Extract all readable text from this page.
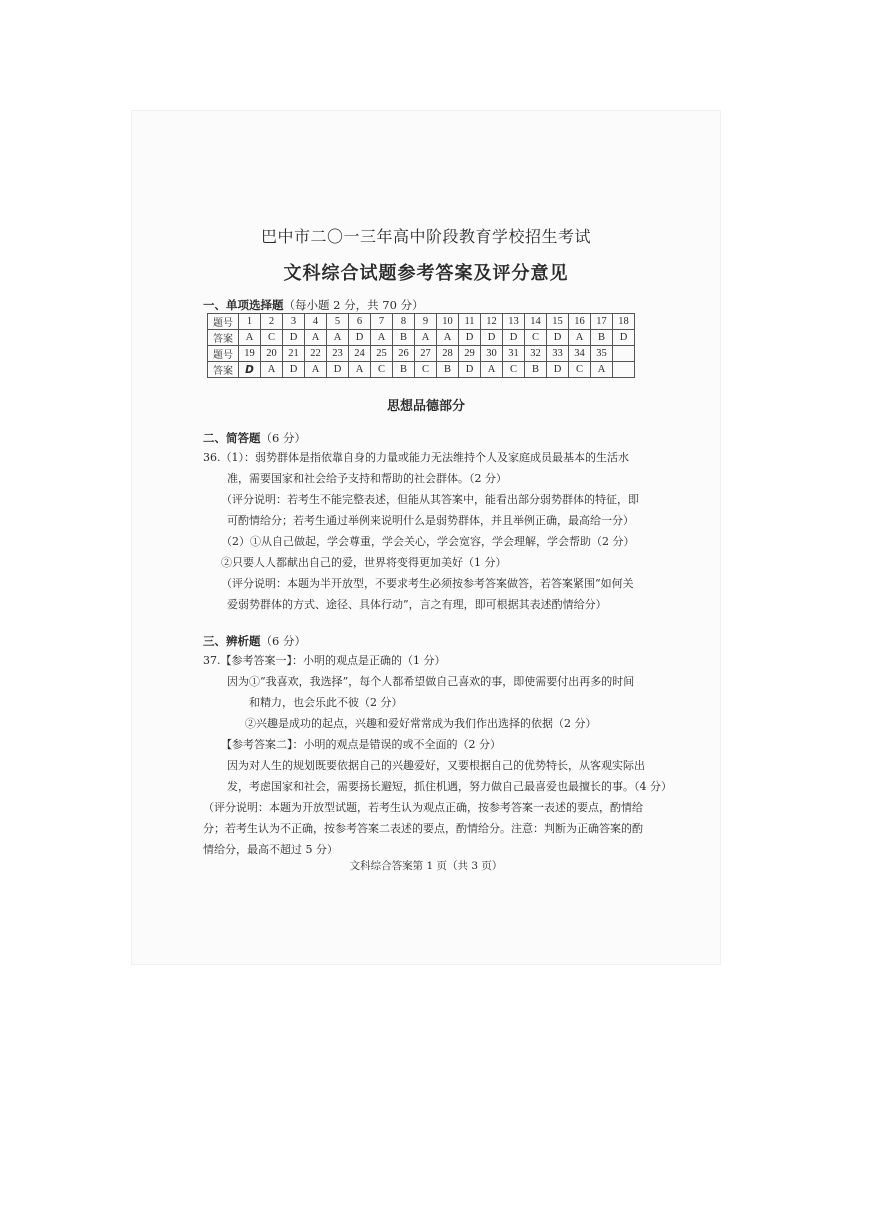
巴中市二〇一三年高中阶段教育学校招生考试
文科综合试题参考答案及评分意见
一、单项选择题（每小题 2 分，共 70 分）
题号	1	2	3	4	5	6	7	8	9	10	11	12	13	14	15	16	17	18
答案	A	C	D	A	A	D	A	B	A	A	D	D	D	C	D	A	B	D
题号	19	20	21	22	23	24	25	26	27	28	29	30	31	32	33	34	35	
答案	D	A	D	A	D	A	C	B	C	B	D	A	C	B	D	C	A	
思想品德部分
二、简答题（6 分）
36.（1）：弱势群体是指依靠自身的力量或能力无法维持个人及家庭成员最基本的生活水
准，需要国家和社会给予支持和帮助的社会群体。（2 分）
（评分说明：若考生不能完整表述，但能从其答案中，能看出部分弱势群体的特征，即
可酌情给分；若考生通过举例来说明什么是弱势群体，并且举例正确，最高给一分）
（2）①从自己做起，学会尊重，学会关心，学会宽容，学会理解，学会帮助（2 分）
②只要人人都献出自己的爱，世界将变得更加美好（1 分）
（评分说明：本题为半开放型，不要求考生必须按参考答案做答，若答案紧围“如何关
爱弱势群体的方式、途径、具体行动”，言之有理，即可根据其表述酌情给分）
三、辨析题（6 分）
37.【参考答案一】：小明的观点是正确的（1 分）
因为①“我喜欢，我选择”，每个人都希望做自己喜欢的事，即使需要付出再多的时间
和精力，也会乐此不彼（2 分）
②兴趣是成功的起点，兴趣和爱好常常成为我们作出选择的依据（2 分）
【参考答案二】：小明的观点是错误的或不全面的（2 分）
因为对人生的规划既要依据自己的兴趣爱好，又要根据自己的优势特长，从客观实际出
发，考虑国家和社会，需要扬长避短，抓住机遇，努力做自己最喜爱也最擅长的事。（4 分）
（评分说明：本题为开放型试题，若考生认为观点正确，按参考答案一表述的要点，酌情给
分；若考生认为不正确，按参考答案二表述的要点，酌情给分。注意：判断为正确答案的酌
情给分，最高不超过 5 分）
文科综合答案第 1 页（共 3 页）
